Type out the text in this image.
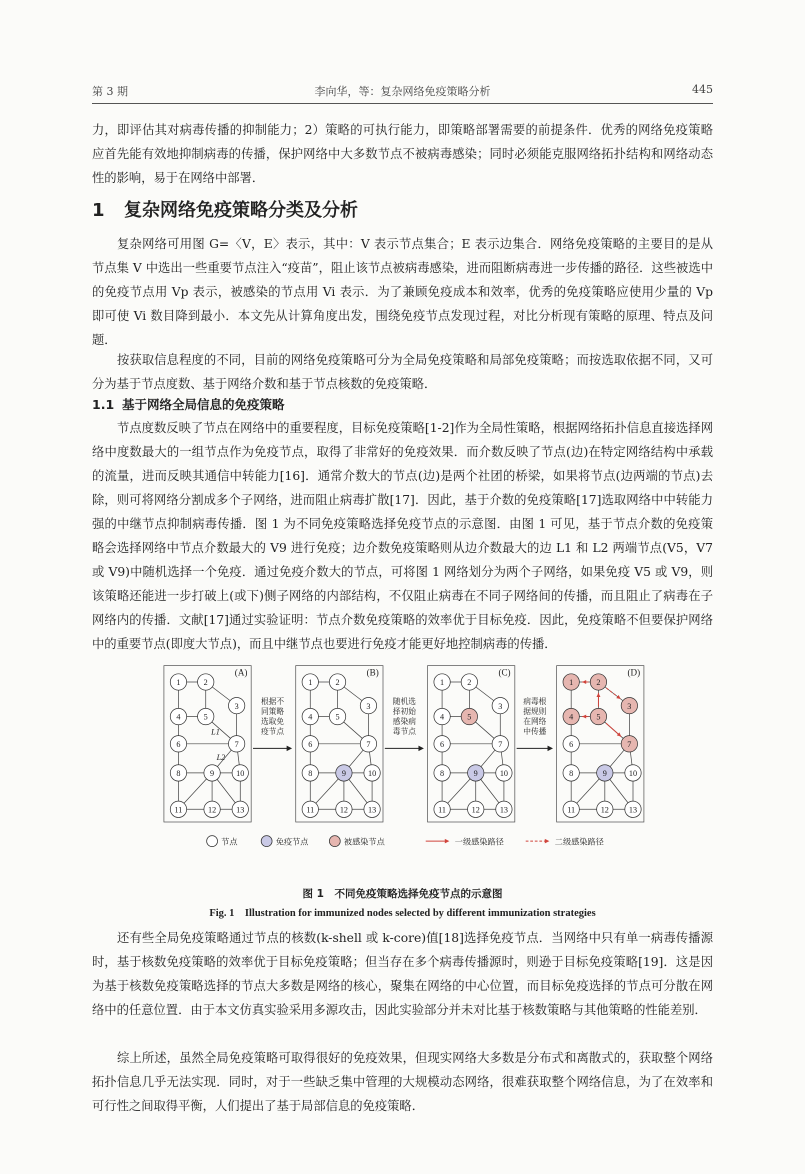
第 3 期	李向华，等：复杂网络免疫策略分析	445
力，即评估其对病毒传播的抑制能力；2）策略的可执行能力，即策略部署需要的前提条件．优秀的网络免疫策略应首先能有效地抑制病毒的传播，保护网络中大多数节点不被病毒感染；同时必须能克服网络拓扑结构和网络动态性的影响，易于在网络中部署．
1 复杂网络免疫策略分类及分析
复杂网络可用图 G=〈V，E〉表示，其中：V 表示节点集合；E 表示边集合．网络免疫策略的主要目的是从节点集 V 中选出一些重要节点注入“疫苗”，阻止该节点被病毒感染，进而阻断病毒进一步传播的路径．这些被选中的免疫节点用 Vp 表示，被感染的节点用 Vi 表示．为了兼顾免疫成本和效率，优秀的免疫策略应使用少量的 Vp 即可使 Vi 数目降到最小．本文先从计算角度出发，围绕免疫节点发现过程，对比分析现有策略的原理、特点及问题．
按获取信息程度的不同，目前的网络免疫策略可分为全局免疫策略和局部免疫策略；而按选取依据不同，又可分为基于节点度数、基于网络介数和基于节点核数的免疫策略．
1.1 基于网络全局信息的免疫策略
节点度数反映了节点在网络中的重要程度，目标免疫策略[1-2]作为全局性策略，根据网络拓扑信息直接选择网络中度数最大的一组节点作为免疫节点，取得了非常好的免疫效果．而介数反映了节点(边)在特定网络结构中承载的流量，进而反映其通信中转能力[16]．通常介数大的节点(边)是两个社团的桥梁，如果将节点(边两端的节点)去除，则可将网络分割成多个子网络，进而阻止病毒扩散[17]．因此，基于介数的免疫策略[17]选取网络中中转能力强的中继节点抑制病毒传播．图 1 为不同免疫策略选择免疫节点的示意图．由图 1 可见，基于节点介数的免疫策略会选择网络中节点介数最大的 V9 进行免疫；边介数免疫策略则从边介数最大的边 L1 和 L2 两端节点(V5，V7 或 V9)中随机选择一个免疫．通过免疫介数大的节点，可将图 1 网络划分为两个子网络，如果免疫 V5 或 V9，则该策略还能进一步打破上(或下)侧子网络的内部结构，不仅阻止病毒在不同子网络间的传播，而且阻止了病毒在子网络内的传播．文献[17]通过实验证明：节点介数免疫策略的效率优于目标免疫．因此，免疫策略不但要保护网络中的重要节点(即度大节点)，而且中继节点也要进行免疫才能更好地控制病毒的传播．
(A)
L1
L2
1	2
3
4	5
6	7
8	9 10
11	12 13
(B)
1	2
3
4	5
6	7
8	9 10
11	12 13
(C)
1	2
3
4	5
6	7
8	9 10
11	12 13
(D)
1	2
3
4	5
6	7
8	9 10
11	12 13
节点	免疫节点	被感染节点	一级感染路径	二级感染路径
根据不
同策略
选取免
疫节点
随机选
择初始
感染病
毒节点
病毒根
据规则
在网络
中传播
图 1　不同免疫策略选择免疫节点的示意图
Fig. 1　Illustration for immunized nodes selected by different immunization strategies
还有些全局免疫策略通过节点的核数(k-shell 或 k-core)值[18]选择免疫节点．当网络中只有单一病毒传播源时，基于核数免疫策略的效率优于目标免疫策略；但当存在多个病毒传播源时，则逊于目标免疫策略[19]．这是因为基于核数免疫策略选择的节点大多数是网络的核心，聚集在网络的中心位置，而目标免疫选择的节点可分散在网络中的任意位置．由于本文仿真实验采用多源攻击，因此实验部分并未对比基于核数策略与其他策略的性能差别．
综上所述，虽然全局免疫策略可取得很好的免疫效果，但现实网络大多数是分布式和离散式的，获取整个网络拓扑信息几乎无法实现．同时，对于一些缺乏集中管理的大规模动态网络，很难获取整个网络信息，为了在效率和可行性之间取得平衡，人们提出了基于局部信息的免疫策略．
